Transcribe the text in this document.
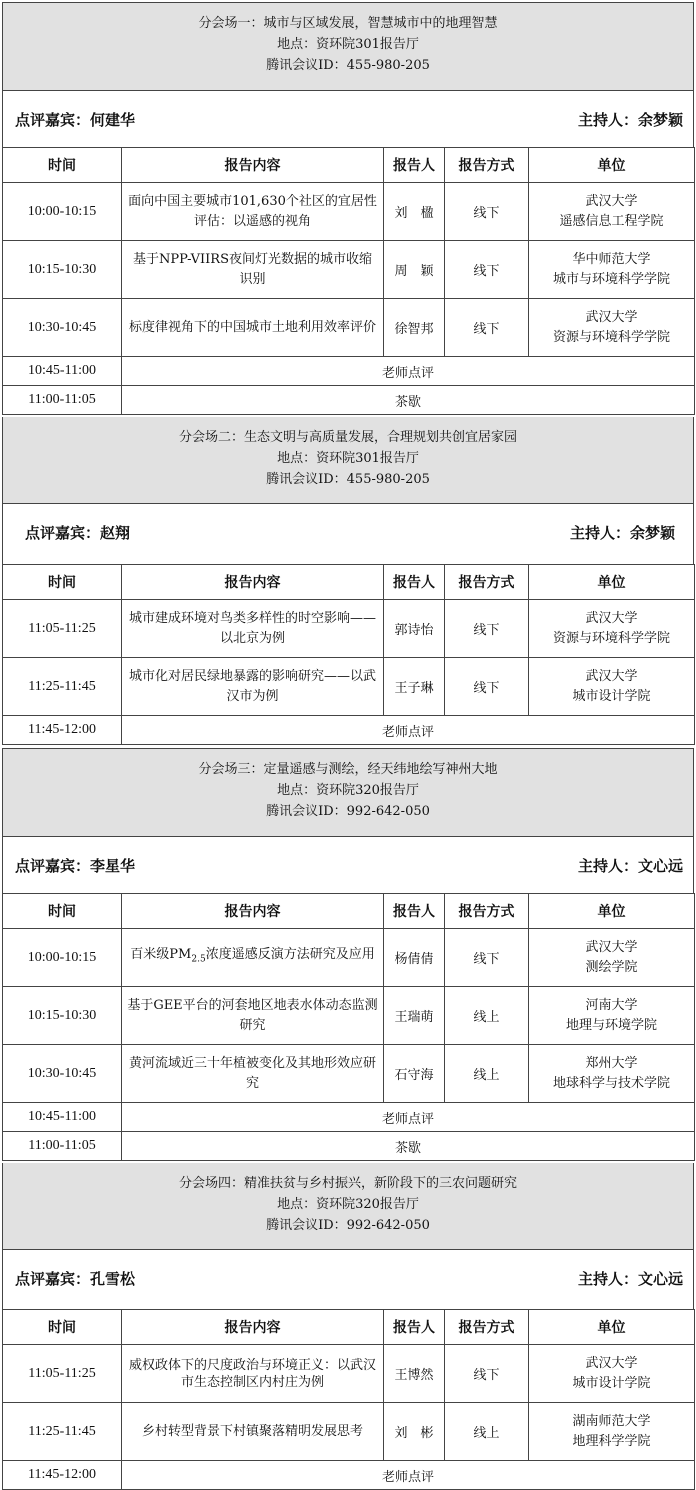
分会场一：城市与区域发展，智慧城市中的地理智慧
地点：资环院301报告厅
腾讯会议ID：455-980-205
点评嘉宾：何建华	主持人：余梦颖
时间	报告内容	报告人	报告方式	单位
10:00-10:15	面向中国主要城市101,630个社区的宜居性评估：以遥感的视角	刘　楹	线下	武汉大学
遥感信息工程学院

10:15-10:30	基于NPP-VIIRS夜间灯光数据的城市收缩识别	周　颖	线下	华中师范大学
城市与环境科学学院

10:30-10:45	标度律视角下的中国城市土地利用效率评价	徐智邦	线下	武汉大学
资源与环境科学学院

10:45-11:00	老师点评			
11:00-11:05	茶歇			
分会场二：生态文明与高质量发展，合理规划共创宜居家园
地点：资环院301报告厅
腾讯会议ID：455-980-205
点评嘉宾：赵翔	主持人：余梦颖
时间	报告内容	报告人	报告方式	单位
11:05-11:25	城市建成环境对鸟类多样性的时空影响——以北京为例	郭诗怡	线下	武汉大学
资源与环境科学学院

11:25-11:45	城市化对居民绿地暴露的影响研究——以武汉市为例	王子琳	线下	武汉大学
城市设计学院

11:45-12:00	老师点评			
分会场三：定量遥感与测绘，经天纬地绘写神州大地
地点：资环院320报告厅
腾讯会议ID：992-642-050
点评嘉宾：李星华	主持人：文心远
时间	报告内容	报告人	报告方式	单位
10:00-10:15	百米级$PM_{2.5}$浓度遥感反演方法研究及应用	杨倩倩	线下	武汉大学
测绘学院

10:15-10:30	基于GEE平台的河套地区地表水体动态监测研究	王瑞萌	线上	河南大学
地理与环境学院

10:30-10:45	黄河流域近三十年植被变化及其地形效应研究	石守海	线上	郑州大学
地球科学与技术学院

10:45-11:00	老师点评			
11:00-11:05	茶歇			
分会场四：精准扶贫与乡村振兴，新阶段下的三农问题研究
地点：资环院320报告厅
腾讯会议ID：992-642-050
点评嘉宾：孔雪松	主持人：文心远
时间	报告内容	报告人	报告方式	单位
11:05-11:25	威权政体下的尺度政治与环境正义：以武汉市生态控制区内村庄为例	王博然	线下	武汉大学
城市设计学院

11:25-11:45	乡村转型背景下村镇聚落精明发展思考	刘　彬	线上	湖南师范大学
地理科学学院

11:45-12:00	老师点评			
